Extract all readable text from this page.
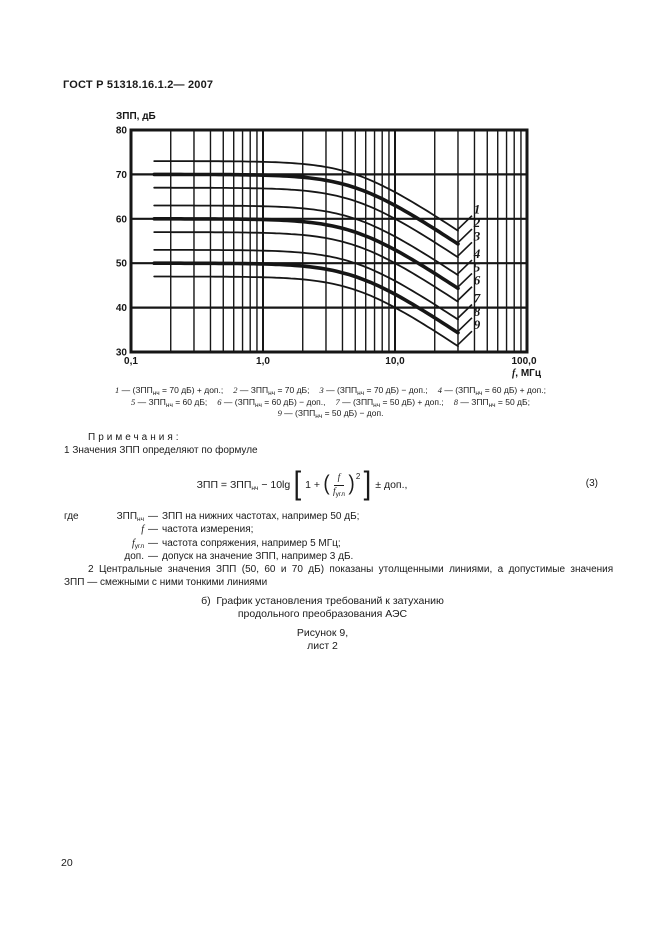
ГОСТ Р 51318.16.1.2— 2007
1
2
3
4
5
6
7
8
9
30
40
50
60
70
80
0,1	1,0	10,0	100,0
ЗПП, дБ
f, МГц
1 — ($ЗПП_{нч} = 70$ дБ) + доп.; 2 — $ЗПП_{нч} = 70$ дБ; 3 — ($ЗПП_{нч} = 70$ дБ) − доп.; 4 — ($ЗПП_{нч} = 60$ дБ) + доп.;
5 — $ЗПП_{нч} = 60$ дБ; 6 — ($ЗПП_{нч} = 60$ дБ) − доп., 7 — ($ЗПП_{нч} = 50$ дБ) + доп.; 8 — $ЗПП_{нч} = 50$ дБ;
9 — ($ЗПП_{нч} = 50$ дБ) − доп.
Примечания:
1 Значения ЗПП определяют по формуле
ЗПП = $ЗПП_{нч} - 10\lg$ [ 1 + ( $\frac{f}{f_{угл}} )^2$ ] ± доп.,	(3)
где	$ЗПП_{нч}$ — ЗПП на нижних частотах, например 50 дБ;
f — частота измерения;
$f_{угл}$ — частота сопряжения, например 5 МГц;
доп. — допуск на значение ЗПП, например 3 дБ.
2 Центральные значения ЗПП (50, 60 и 70 дБ) показаны утолщенными линиями, а допустимые значения
ЗПП — смежными с ними тонкими линиями
б) График установления требований к затуханию
продольного преобразования АЭС
Рисунок 9,
лист 2
20
